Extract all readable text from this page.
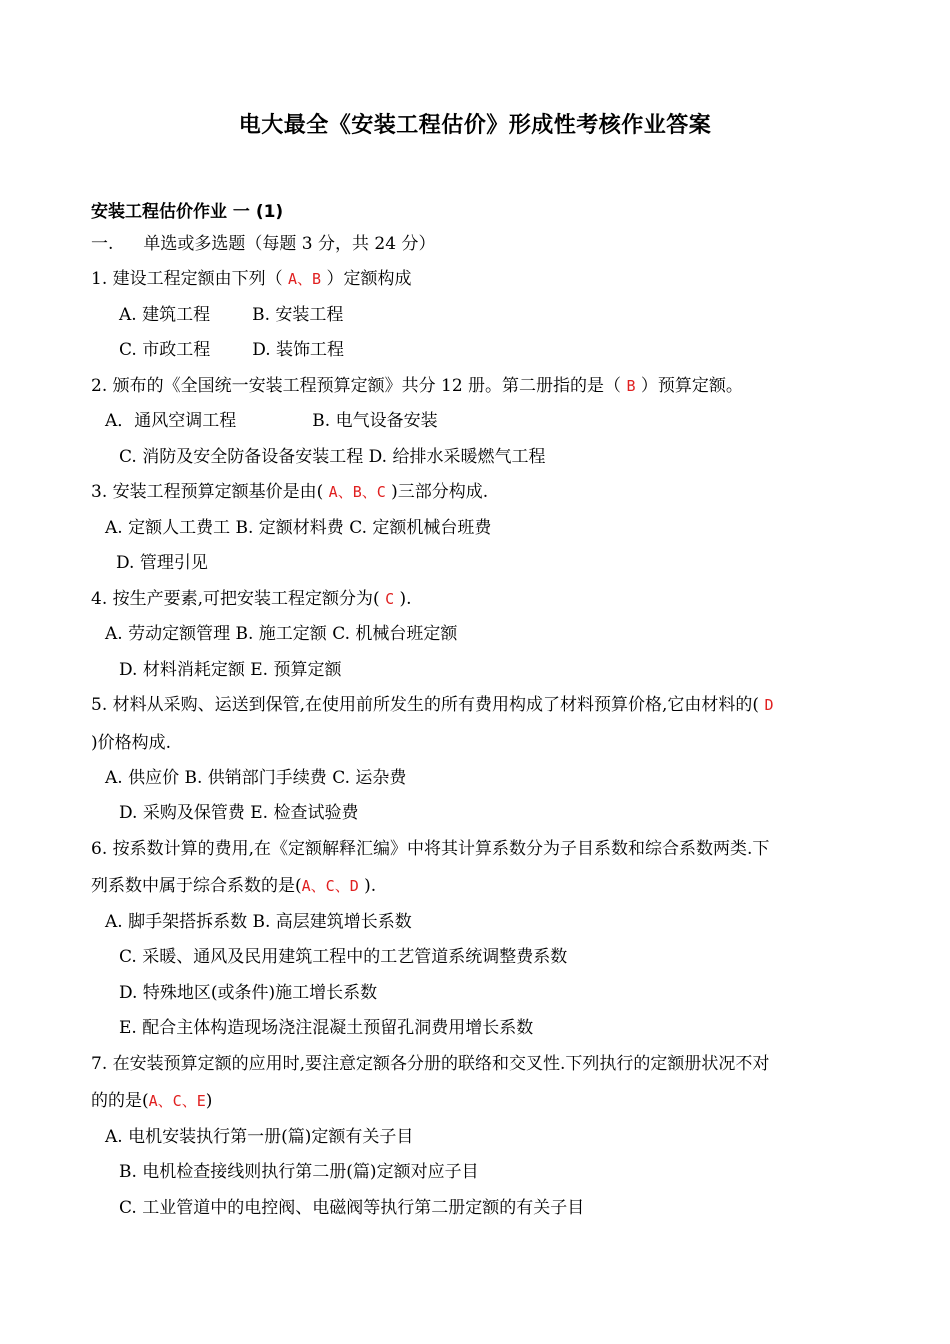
电大最全《安装工程估价》形成性考核作业答案
安装工程估价作业 一 (1)
一. 单选或多选题（每题 3 分，共 24 分）
1. 建设工程定额由下列（ A、B ）定额构成
A. 建筑工程 B. 安装工程
C. 市政工程 D. 装饰工程
2. 颁布的《全国统一安装工程预算定额》共分 12 册。第二册指的是（ B ）预算定额。
A．通风空调工程	B. 电气设备安装
C. 消防及安全防备设备安装工程 D. 给排水采暖燃气工程
3. 安装工程预算定额基价是由( A、B、C )三部分构成.
A. 定额人工费工 B. 定额材料费 C. 定额机械台班费
D. 管理引见
4. 按生产要素,可把安装工程定额分为( C ).
A. 劳动定额管理 B. 施工定额 C. 机械台班定额
D. 材料消耗定额 E. 预算定额
5. 材料从采购、运送到保管,在使用前所发生的所有费用构成了材料预算价格,它由材料的( D
)价格构成.
A. 供应价 B. 供销部门手续费 C. 运杂费
D. 采购及保管费 E. 检查试验费
6. 按系数计算的费用,在《定额解释汇编》中将其计算系数分为子目系数和综合系数两类.下
列系数中属于综合系数的是(A、C、D ).
A. 脚手架搭拆系数 B. 高层建筑增长系数
C. 采暖、通风及民用建筑工程中的工艺管道系统调整费系数
D. 特殊地区(或条件)施工增长系数
E. 配合主体构造现场浇注混凝土预留孔洞费用增长系数
7. 在安装预算定额的应用时,要注意定额各分册的联络和交叉性.下列执行的定额册状况不对
的的是(A、C、E)
A. 电机安装执行第一册(篇)定额有关子目
B. 电机检查接线则执行第二册(篇)定额对应子目
C. 工业管道中的电控阀、电磁阀等执行第二册定额的有关子目
